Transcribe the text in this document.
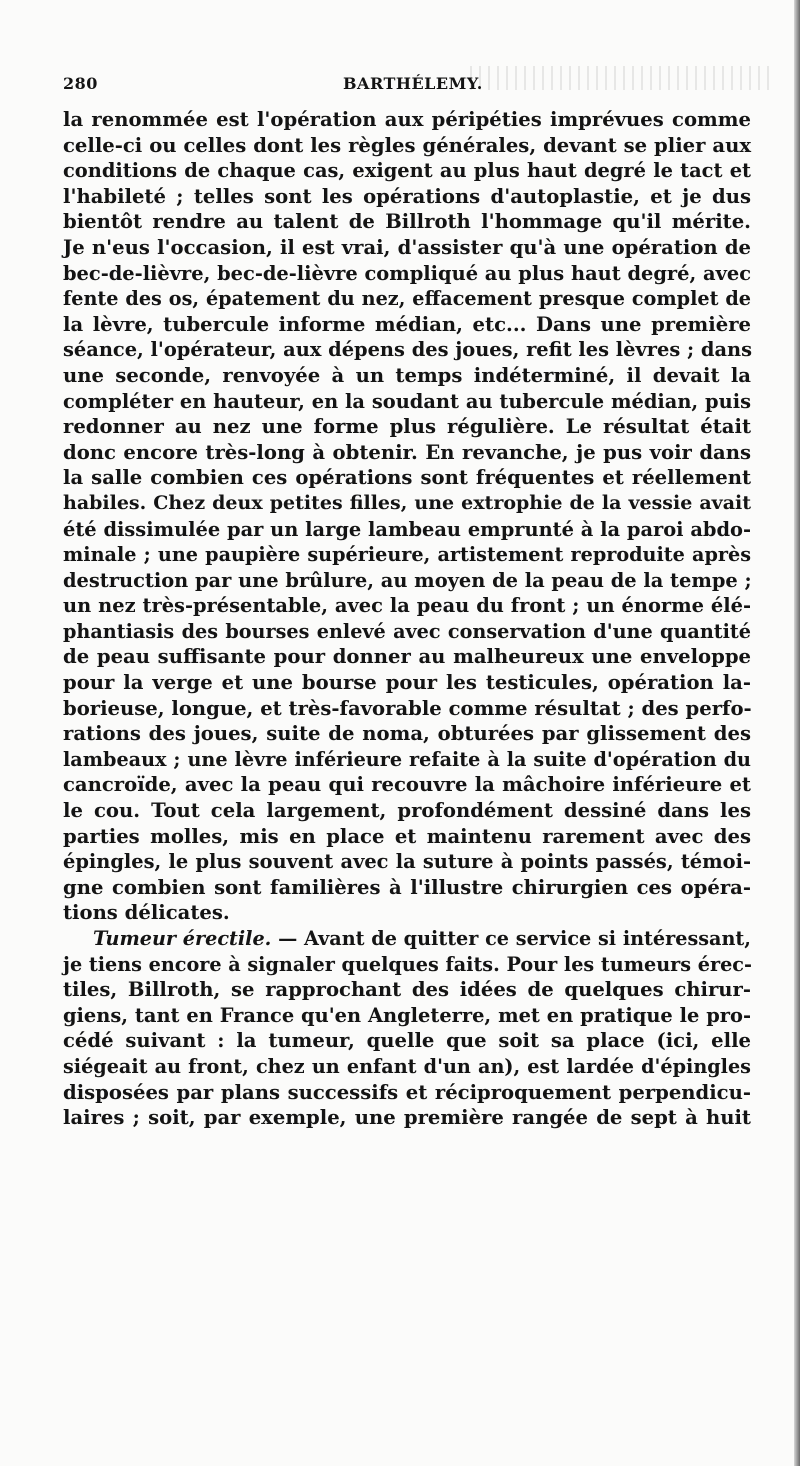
280	BARTHÉLEMY.
la renommée est l'opération aux péripéties imprévues comme
celle-ci ou celles dont les règles générales, devant se plier aux
conditions de chaque cas, exigent au plus haut degré le tact et
l'habileté ; telles sont les opérations d'autoplastie, et je dus
bientôt rendre au talent de Billroth l'hommage qu'il mérite.
Je n'eus l'occasion, il est vrai, d'assister qu'à une opération de
bec-de-lièvre, bec-de-lièvre compliqué au plus haut degré, avec
fente des os, épatement du nez, effacement presque complet de
la lèvre, tubercule informe médian, etc... Dans une première
séance, l'opérateur, aux dépens des joues, refit les lèvres ; dans
une seconde, renvoyée à un temps indéterminé, il devait la
compléter en hauteur, en la soudant au tubercule médian, puis
redonner au nez une forme plus régulière. Le résultat était
donc encore très-long à obtenir. En revanche, je pus voir dans
la salle combien ces opérations sont fréquentes et réellement
habiles. Chez deux petites filles, une extrophie de la vessie avait
été dissimulée par un large lambeau emprunté à la paroi abdo-
minale ; une paupière supérieure, artistement reproduite après
destruction par une brûlure, au moyen de la peau de la tempe ;
un nez très-présentable, avec la peau du front ; un énorme élé-
phantiasis des bourses enlevé avec conservation d'une quantité
de peau suffisante pour donner au malheureux une enveloppe
pour la verge et une bourse pour les testicules, opération la-
borieuse, longue, et très-favorable comme résultat ; des perfo-
rations des joues, suite de noma, obturées par glissement des
lambeaux ; une lèvre inférieure refaite à la suite d'opération du
cancroïde, avec la peau qui recouvre la mâchoire inférieure et
le cou. Tout cela largement, profondément dessiné dans les
parties molles, mis en place et maintenu rarement avec des
épingles, le plus souvent avec la suture à points passés, témoi-
gne combien sont familières à l'illustre chirurgien ces opéra-
tions délicates.
Tumeur érectile. — Avant de quitter ce service si intéressant,
je tiens encore à signaler quelques faits. Pour les tumeurs érec-
tiles, Billroth, se rapprochant des idées de quelques chirur-
giens, tant en France qu'en Angleterre, met en pratique le pro-
cédé suivant : la tumeur, quelle que soit sa place (ici, elle
siégeait au front, chez un enfant d'un an), est lardée d'épingles
disposées par plans successifs et réciproquement perpendicu-
laires ; soit, par exemple, une première rangée de sept à huit
